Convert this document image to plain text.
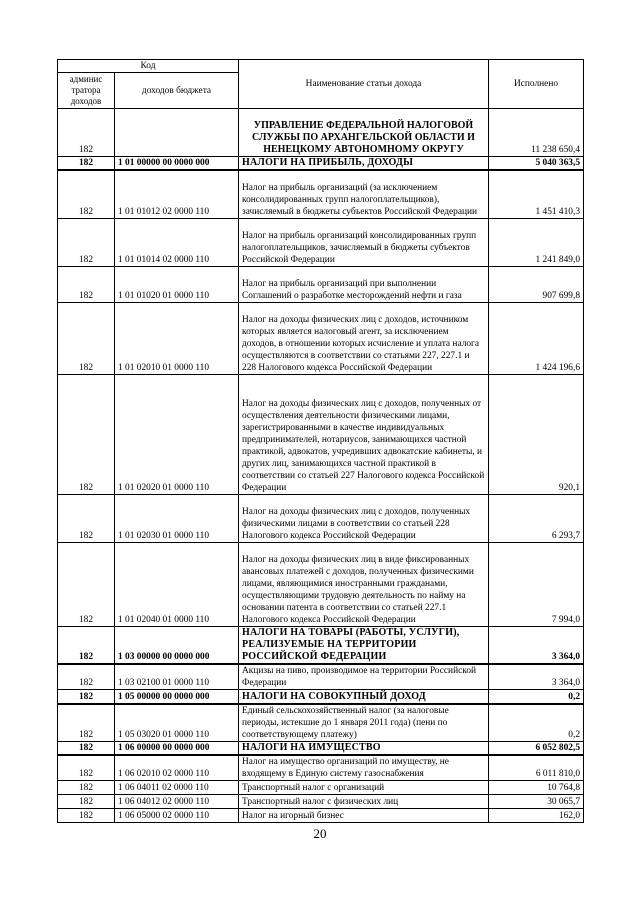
Код		Наименование статьи дохода	Исполнено
админис тратора доходов	доходов бюджета		
182		УПРАВЛЕНИЕ ФЕДЕРАЛЬНОЙ НАЛОГОВОЙ СЛУЖБЫ ПО АРХАНГЕЛЬСКОЙ ОБЛАСТИ И НЕНЕЦКОМУ АВТОНОМНОМУ ОКРУГУ	11 238 650,4
182	1 01 00000 00 0000 000	НАЛОГИ НА ПРИБЫЛЬ, ДОХОДЫ	5 040 363,5
182	1 01 01012 02 0000 110	Налог на прибыль организаций (за исключением консолидированных групп налогоплательщиков), зачисляемый в бюджеты субъектов Российской Федерации	1 451 410,3
182	1 01 01014 02 0000 110	Налог на прибыль организаций консолидированных групп налогоплательщиков, зачисляемый в бюджеты субъектов Российской Федерации	1 241 849,0
182	1 01 01020 01 0000 110	Налог на прибыль организаций при выполнении Соглашений о разработке месторождений нефти и газа	907 699,8
182	1 01 02010 01 0000 110	Налог на доходы физических лиц с доходов, источником которых является налоговый агент, за исключением доходов, в отношении которых исчисление и уплата налога осуществляются в соответствии со статьями 227, 227.1 и 228 Налогового кодекса Российской Федерации	1 424 196,6
182	1 01 02020 01 0000 110	Налог на доходы физических лиц с доходов, полученных от осуществления деятельности физическими лицами, зарегистрированными в качестве индивидуальных предпринимателей, нотариусов, занимающихся частной практикой, адвокатов, учредивших адвокатские кабинеты, и других лиц, занимающихся частной практикой в соответствии со статьей 227 Налогового кодекса Российской Федерации	920,1
182	1 01 02030 01 0000 110	Налог на доходы физических лиц с доходов, полученных физическими лицами в соответствии со статьей 228 Налогового кодекса Российской Федерации	6 293,7
182	1 01 02040 01 0000 110	Налог на доходы физических лиц в виде фиксированных авансовых платежей с доходов, полученных физическими лицами, являющимися иностранными гражданами, осуществляющими трудовую деятельность по найму на основании патента в соответствии со статьей 227.1 Налогового кодекса Российской Федерации	7 994,0
182	1 03 00000 00 0000 000	НАЛОГИ НА ТОВАРЫ (РАБОТЫ, УСЛУГИ), РЕАЛИЗУЕМЫЕ НА ТЕРРИТОРИИ РОССИЙСКОЙ ФЕДЕРАЦИИ	3 364,0
182	1 03 02100 01 0000 110	Акцизы на пиво, производимое на территории Российской Федерации	3 364,0
182	1 05 00000 00 0000 000	НАЛОГИ НА СОВОКУПНЫЙ ДОХОД	0,2
182	1 05 03020 01 0000 110	Единый сельскохозяйственный налог (за налоговые периоды, истекшие до 1 января 2011 года) (пени по соответствующему платежу)	0,2
182	1 06 00000 00 0000 000	НАЛОГИ НА ИМУЩЕСТВО	6 052 802,5
182	1 06 02010 02 0000 110	Налог на имущество организаций по имуществу, не входящему в Единую систему газоснабжения	6 011 810,0
182	1 06 04011 02 0000 110	Транспортный налог с организаций	10 764,8
182	1 06 04012 02 0000 110	Транспортный налог с физических лиц	30 065,7
182	1 06 05000 02 0000 110	Налог на игорный бизнес	162,0
20
